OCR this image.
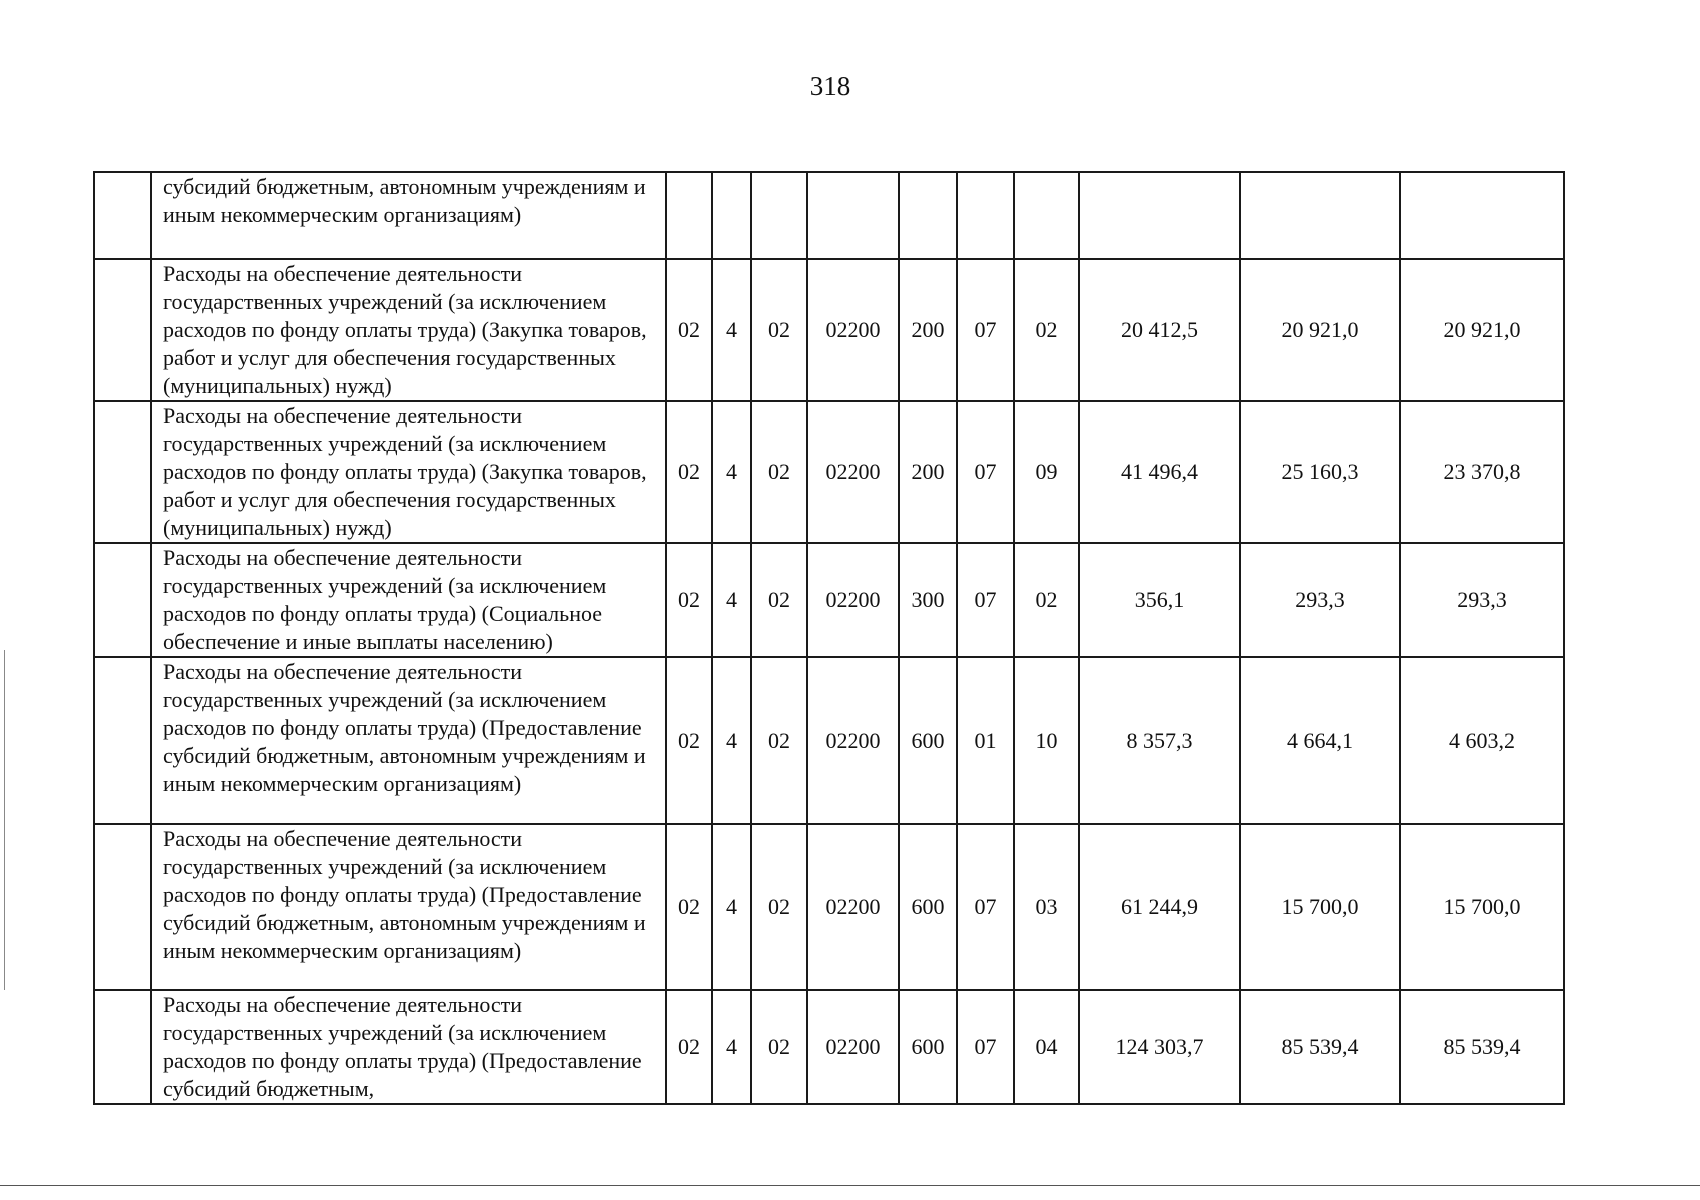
318
	субсидий бюджетным, автономным учреждениям и иным некоммерческим организациям)										
	Расходы на обеспечение деятельности государственных учреждений (за исключением расходов по фонду оплаты труда) (Закупка товаров, работ и услуг для обеспечения государственных (муниципальных) нужд)	02	4	02	02200	200	07	02	20 412,5	20 921,0	20 921,0
	Расходы на обеспечение деятельности государственных учреждений (за исключением расходов по фонду оплаты труда) (Закупка товаров, работ и услуг для обеспечения государственных (муниципальных) нужд)	02	4	02	02200	200	07	09	41 496,4	25 160,3	23 370,8
	Расходы на обеспечение деятельности государственных учреждений (за исключением расходов по фонду оплаты труда) (Социальное обеспечение и иные выплаты населению)	02	4	02	02200	300	07	02	356,1	293,3	293,3
	Расходы на обеспечение деятельности государственных учреждений (за исключением расходов по фонду оплаты труда) (Предоставление субсидий бюджетным, автономным учреждениям и иным некоммерческим организациям)	02	4	02	02200	600	01	10	8 357,3	4 664,1	4 603,2
	Расходы на обеспечение деятельности государственных учреждений (за исключением расходов по фонду оплаты труда) (Предоставление субсидий бюджетным, автономным учреждениям и иным некоммерческим организациям)	02	4	02	02200	600	07	03	61 244,9	15 700,0	15 700,0
	Расходы на обеспечение деятельности государственных учреждений (за исключением расходов по фонду оплаты труда) (Предоставление субсидий бюджетным,	02	4	02	02200	600	07	04	124 303,7	85 539,4	85 539,4
